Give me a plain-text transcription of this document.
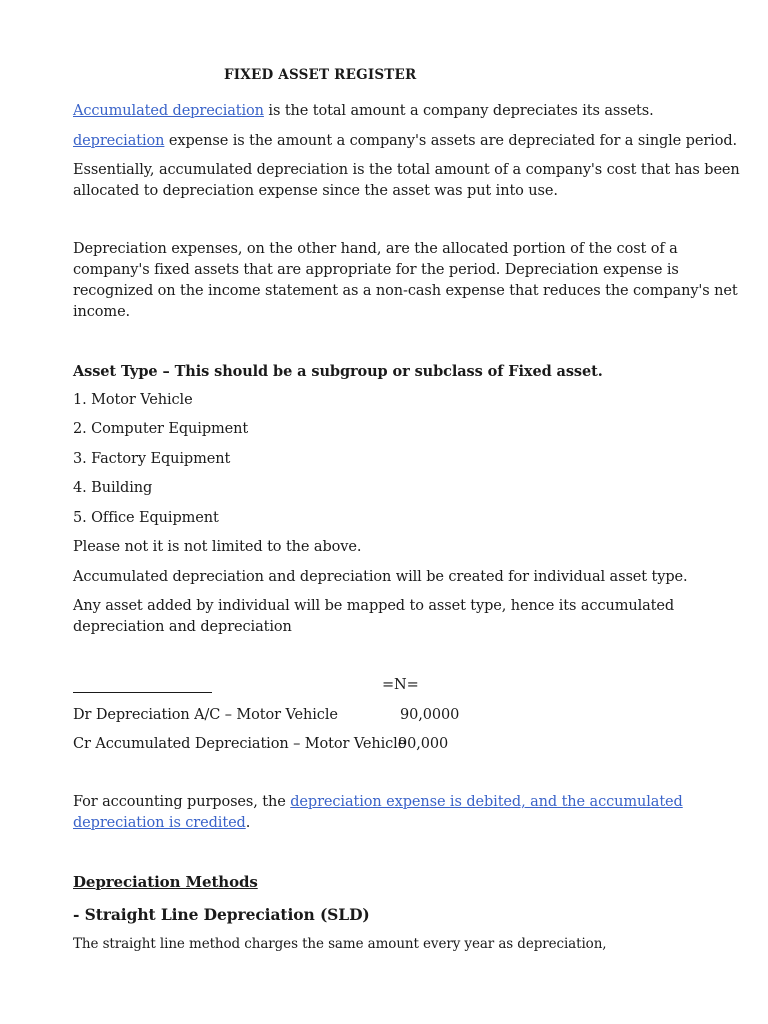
FIXED ASSET REGISTER
Accumulated depreciation is the total amount a company depreciates its assets.
depreciation expense is the amount a company's assets are depreciated for a single period.
Essentially, accumulated depreciation is the total amount of a company's cost that has been
allocated to depreciation expense since the asset was put into use.
Depreciation expenses, on the other hand, are the allocated portion of the cost of a
company's fixed assets that are appropriate for the period. Depreciation expense is
recognized on the income statement as a non-cash expense that reduces the company's net
income.
Asset Type – This should be a subgroup or subclass of Fixed asset.
1. Motor Vehicle
2. Computer Equipment
3. Factory Equipment
4. Building
5. Office Equipment
Please not it is not limited to the above.
Accumulated depreciation and depreciation will be created for individual asset type.
Any asset added by individual will be mapped to asset type, hence its accumulated
depreciation and depreciation
=N=
Dr Depreciation A/C – Motor Vehicle	90,0000
Cr Accumulated Depreciation – Motor Vehicle
90,000
For accounting purposes, the depreciation expense is debited, and the accumulated
depreciation is credited.
Depreciation Methods
- Straight Line Depreciation (SLD)
The straight line method charges the same amount every year as depreciation,
